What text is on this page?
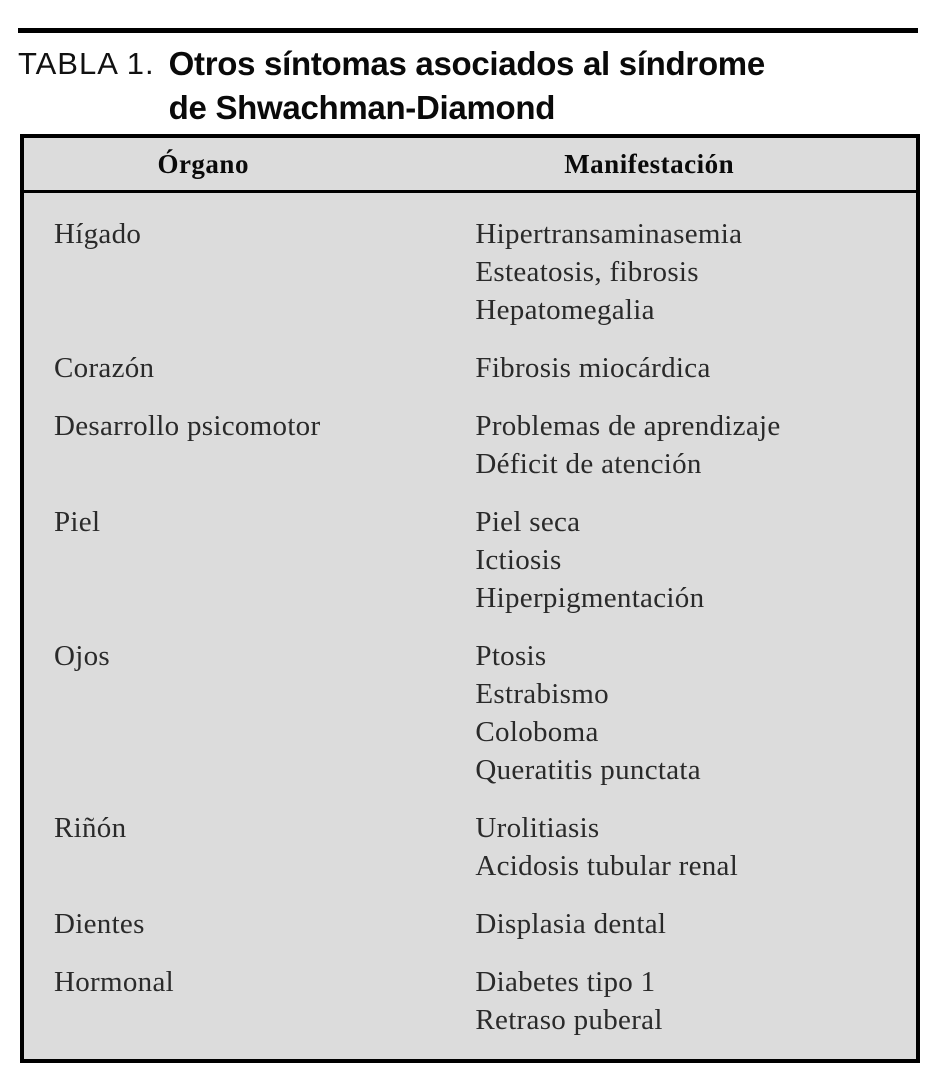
TABLA 1. Otros síntomas asociados al síndrome
de Shwachman-Diamond
Órgano	Manifestación
Hígado	Hipertransaminasemia
Esteatosis, fibrosis
Hepatomegalia

Corazón	Fibrosis miocárdica

Desarrollo psicomotor	Problemas de aprendizaje
Déficit de atención

Piel	Piel seca
Ictiosis
Hiperpigmentación

Ojos	Ptosis
Estrabismo
Coloboma
Queratitis punctata

Riñón	Urolitiasis
Acidosis tubular renal

Dientes	Displasia dental

Hormonal	Diabetes tipo 1
Retraso puberal
